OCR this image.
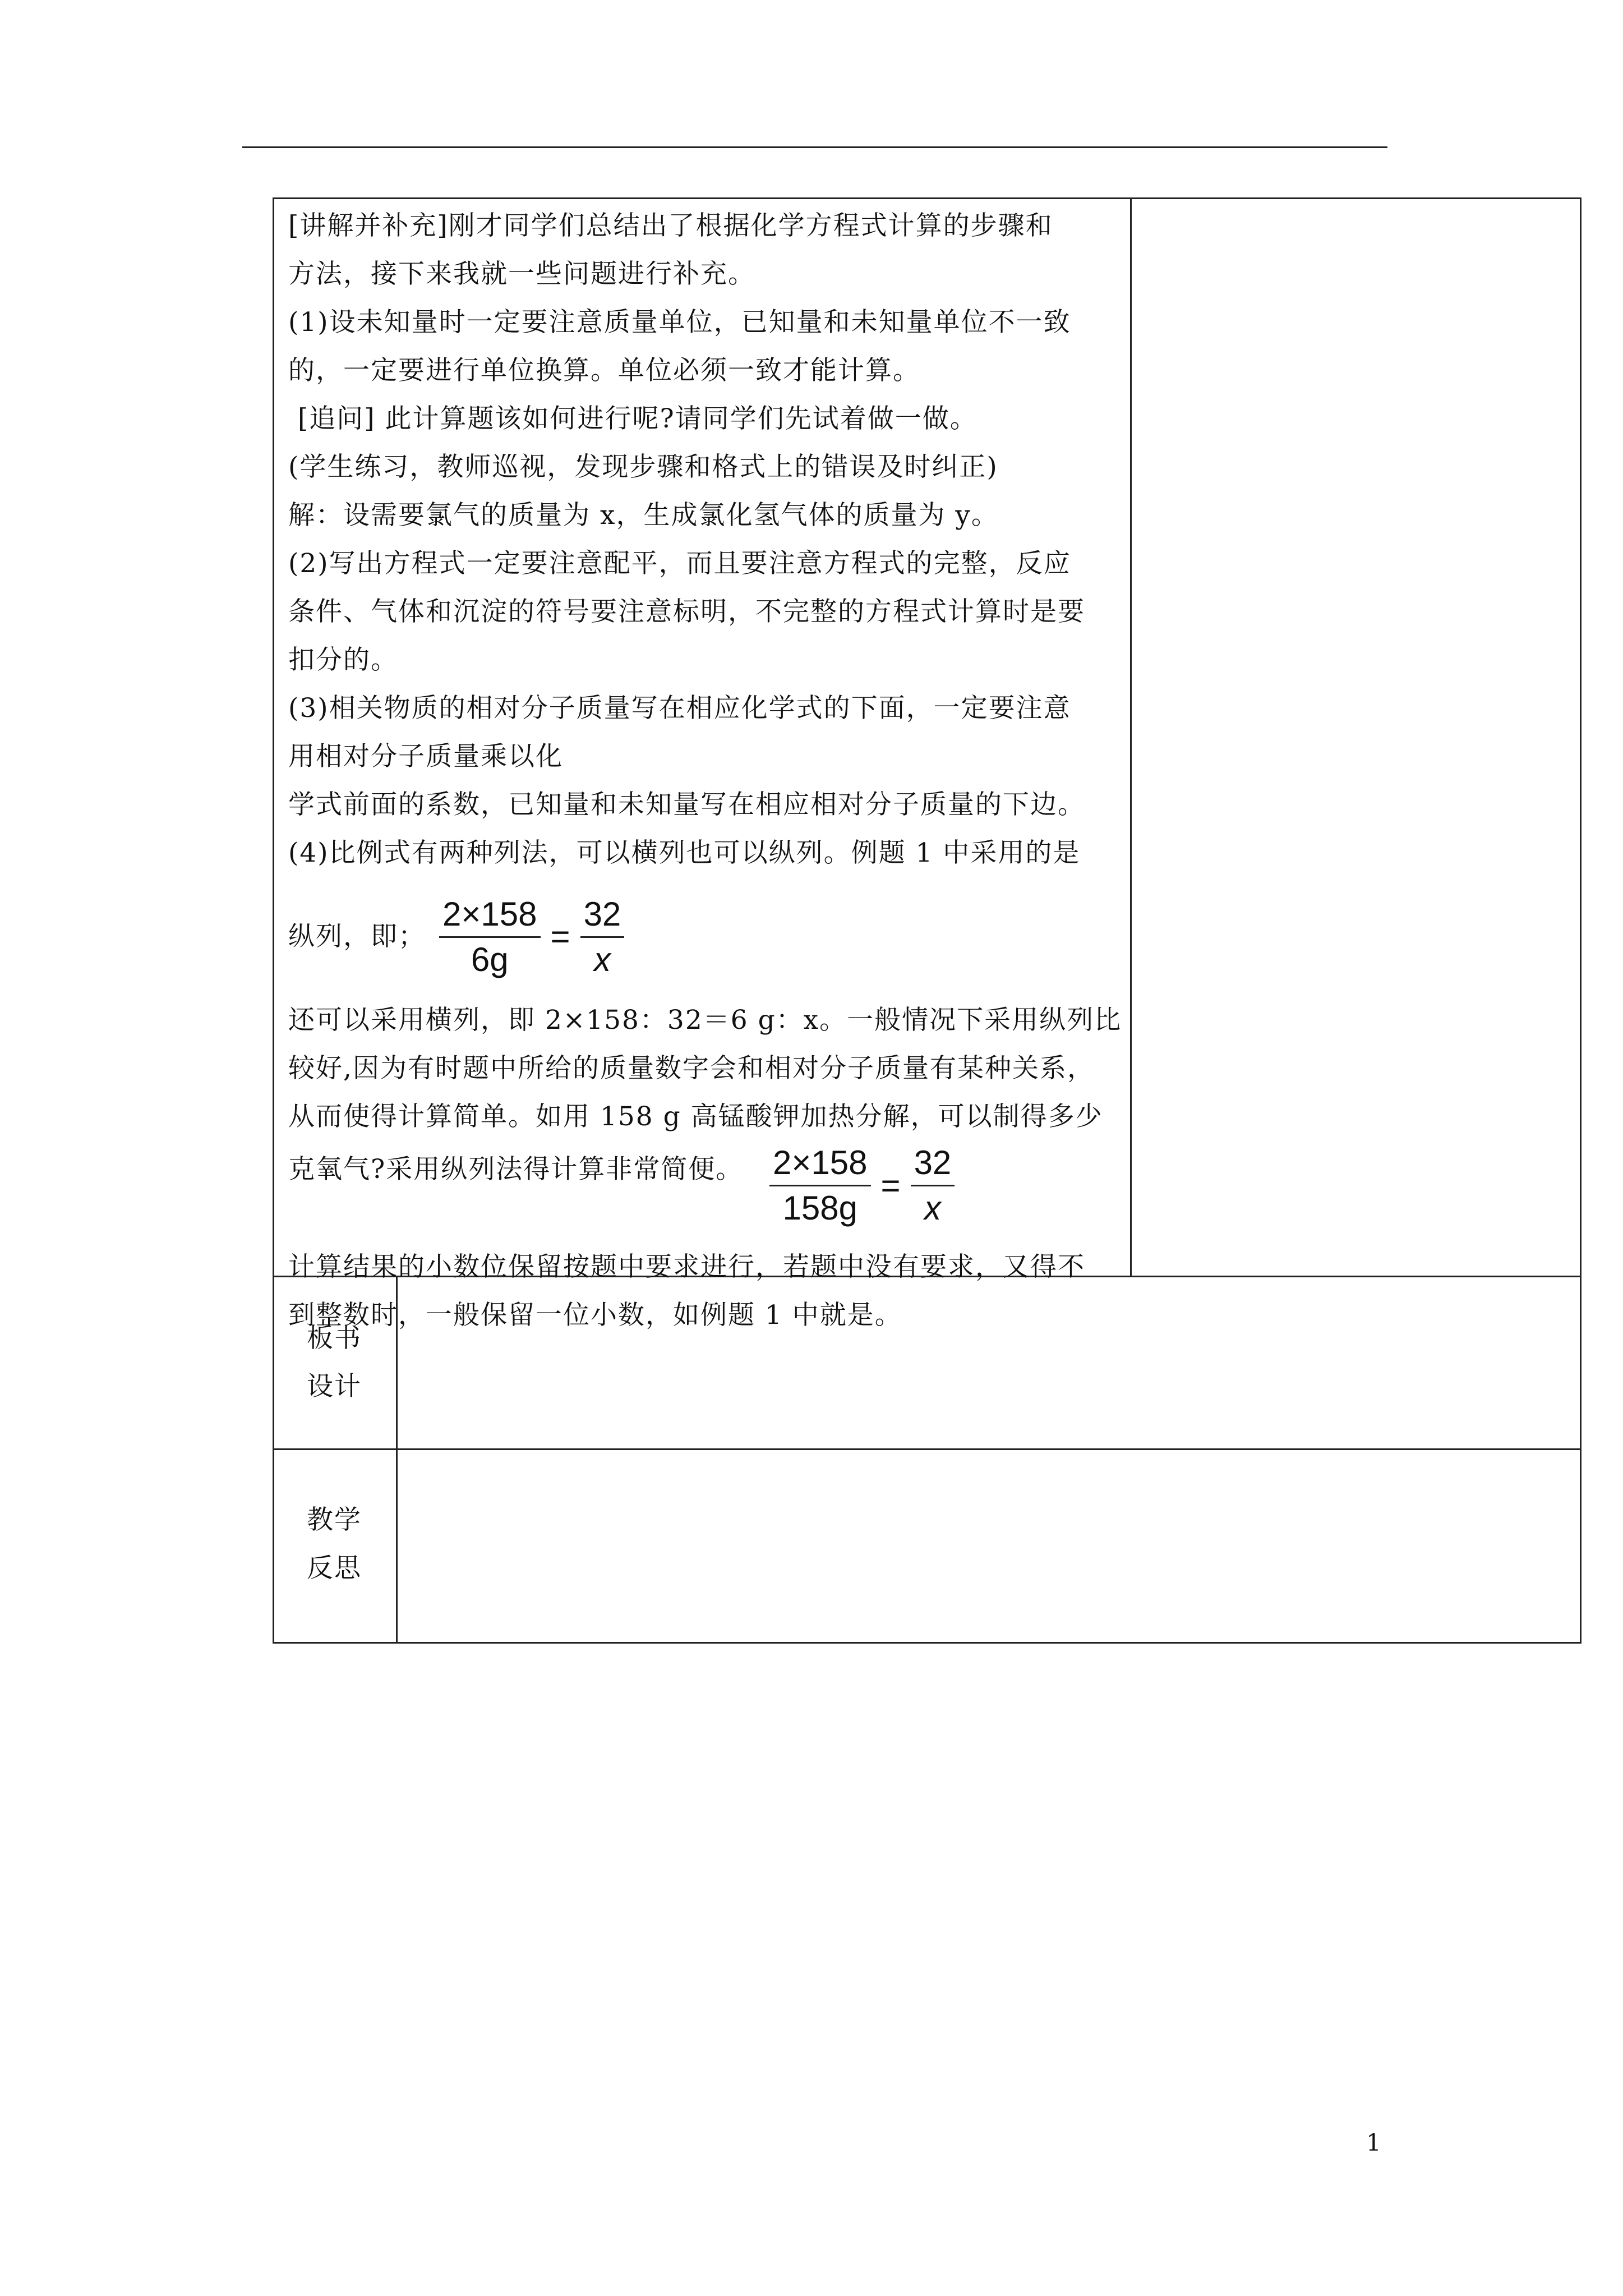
[讲解并补充]刚才同学们总结出了根据化学方程式计算的步骤和

方法，接下来我就一些问题进行补充。

(1)设未知量时一定要注意质量单位，已知量和未知量单位不一致

的，一定要进行单位换算。单位必须一致才能计算。

[追问] 此计算题该如何进行呢?请同学们先试着做一做。

(学生练习，教师巡视，发现步骤和格式上的错误及时纠正)

解：设需要氯气的质量为 x，生成氯化氢气体的质量为 y。

(2)写出方程式一定要注意配平，而且要注意方程式的完整，反应

条件、气体和沉淀的符号要注意标明，不完整的方程式计算时是要

扣分的。

(3)相关物质的相对分子质量写在相应化学式的下面，一定要注意

用相对分子质量乘以化

学式前面的系数，已知量和未知量写在相应相对分子质量的下边。

(4)比例式有两种列法，可以横列也可以纵列。例题 1 中采用的是

纵列，即； $\frac{2\times 158}{6g} = \frac{32}{x}$

还可以采用横列，即 2×158：32＝6 g：x。一般情况下采用纵列比

较好,因为有时题中所给的质量数字会和相对分子质量有某种关系，

从而使得计算简单。如用 158 g 高锰酸钾加热分解，可以制得多少

克氧气?采用纵列法得计算非常简便。 $\frac{2\times 158}{158g} = \frac{32}{x}$

计算结果的小数位保留按题中要求进行，若题中没有要求，又得不

到整数时，一般保留一位小数，如例题 1 中就是。

板书
设计
教学
反思
1
